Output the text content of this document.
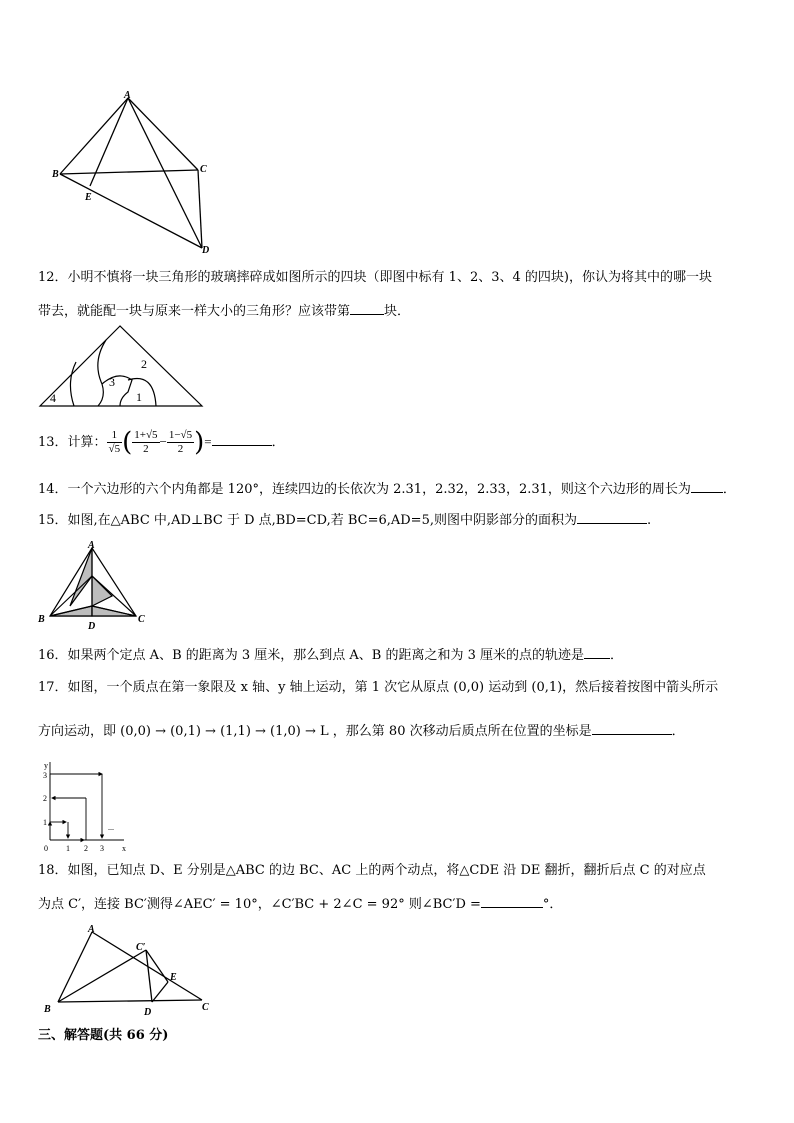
A
B	C
D
E
12．小明不慎将一块三角形的玻璃摔碎成如图所示的四块（即图中标有 1、2、3、4 的四块)，你认为将其中的哪一块
带去，就能配一块与原来一样大小的三角形？应该带第	块．
3
2
4	1
13．计算： $\frac{1}{√5}$ ( $\frac{1+√5}{2} - \frac{1-√5}{2}$ )=	．
14．一个六边形的六个内角都是 120°，连续四边的长依次为 2.31，2.32，2.33，2.31，则这个六边形的周长为 ．
15．如图,在△ABC 中,AD⊥BC 于 D 点,BD=CD,若 BC=6,AD=5,则图中阴影部分的面积为	.
A
B	C
D
16．如果两个定点 A、B 的距离为 3 厘米，那么到点 A、B 的距离之和为 3 厘米的点的轨迹是 ．
17．如图，一个质点在第一象限及 x 轴、y 轴上运动，第 1 次它从原点 (0,0) 运动到 (0,1)，然后接着按图中箭头所示
方向运动，即 (0,0) → (0,1) → (1,1) → (1,0) → L ，那么第 80 次移动后质点所在位置的坐标是	．
y
x
0 1 2 3
1
2
3
...
18．如图，已知点 D、E 分别是△ABC 的边 BC、AC 上的两个动点，将△CDE 沿 DE 翻折，翻折后点 C 的对应点
为点 C′，连接 BC′测得∠AEC′ = 10°，∠C′BC + 2∠C = 92° 则∠BC′D =	°．
A
B	C
D
E
C′
三、解答题(共 66 分)
